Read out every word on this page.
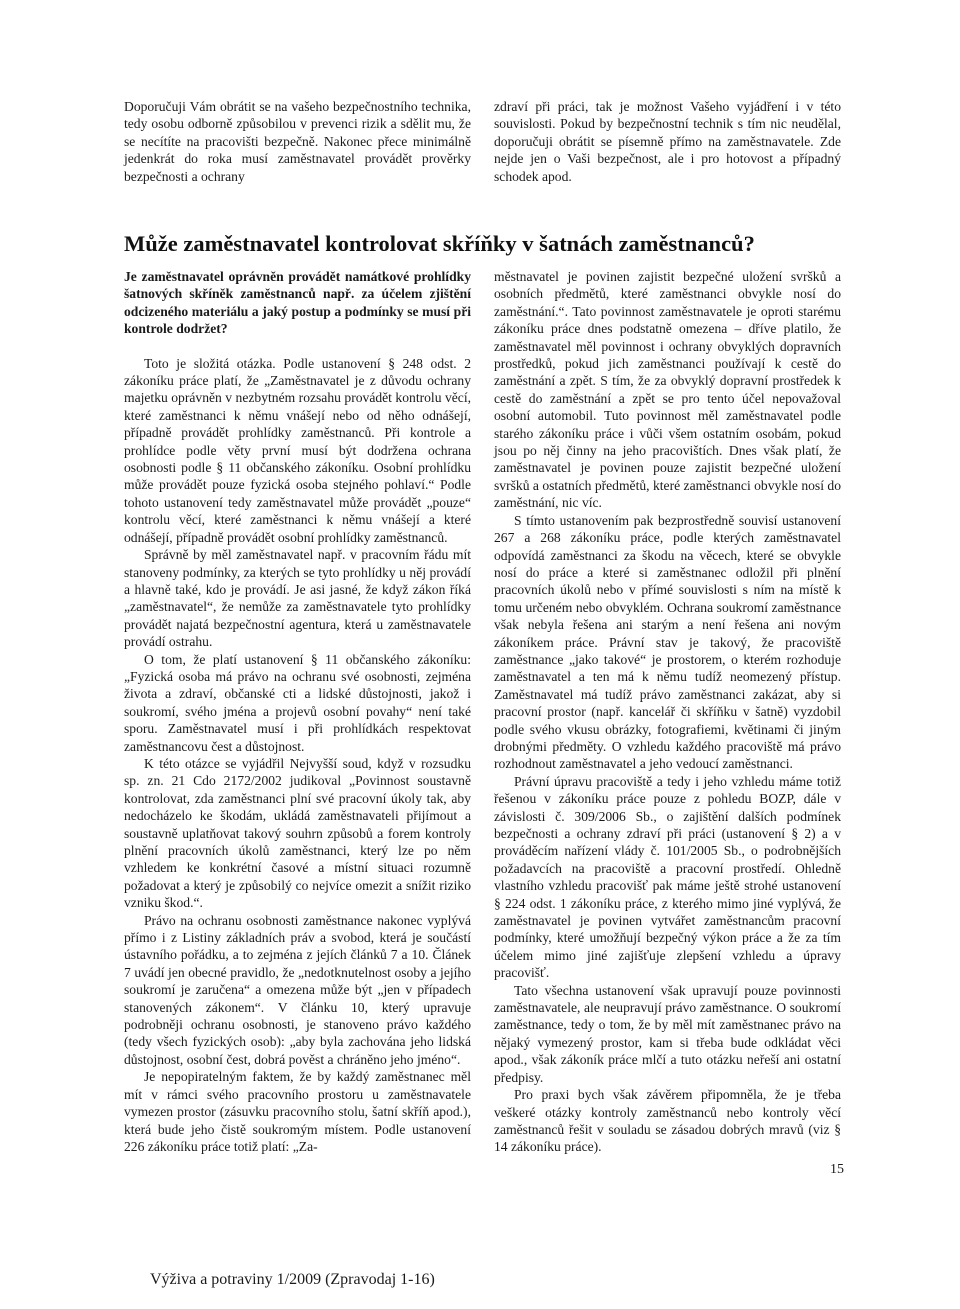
Doporučuji Vám obrátit se na vašeho bezpečnostního technika, tedy osobu odborně způsobilou v prevenci rizik a sdělit mu, že se necítíte na pracovišti bezpečně. Nakonec přece minimálně jedenkrát do roka musí zaměstnavatel provádět prověrky bezpečnosti a ochrany

zdraví při práci, tak je možnost Vašeho vyjádření i v této souvislosti. Pokud by bezpečnostní technik s tím nic neudělal, doporučuji obrátit se písemně přímo na zaměstnavatele. Zde nejde jen o Vaši bezpečnost, ale i pro hotovost a případný schodek apod.

Může zaměstnavatel kontrolovat skříňky v šatnách zaměstnanců?

Je zaměstnavatel oprávněn provádět namátkové prohlídky šatnových skříněk zaměstnanců např. za účelem zjištění odcizeného materiálu a jaký postup a podmínky se musí při kontrole dodržet?

Toto je složitá otázka. Podle ustanovení § 248 odst. 2 zákoníku práce platí, že „Zaměstnavatel je z důvodu ochrany majetku oprávněn v nezbytném rozsahu provádět kontrolu věcí, které zaměstnanci k němu vnášejí nebo od něho odnášejí, případně provádět prohlídky zaměstnanců. Při kontrole a prohlídce podle věty první musí být dodržena ochrana osobnosti podle § 11 občanského zákoníku. Osobní prohlídku může provádět pouze fyzická osoba stejného pohlaví.“ Podle tohoto ustanovení tedy zaměstnavatel může provádět „pouze“ kontrolu věcí, které zaměstnanci k němu vnášejí a které odnášejí, případně provádět osobní prohlídky zaměstnanců.

Správně by měl zaměstnavatel např. v pracovním řádu mít stanoveny podmínky, za kterých se tyto prohlídky u něj provádí a hlavně také, kdo je provádí. Je asi jasné, že když zákon říká „zaměstnavatel“, že nemůže za zaměstnavatele tyto prohlídky provádět najatá bezpečnostní agentura, která u zaměstnavatele provádí ostrahu.

O tom, že platí ustanovení § 11 občanského zákoníku: „Fyzická osoba má právo na ochranu své osobnosti, zejména života a zdraví, občanské cti a lidské důstojnosti, jakož i soukromí, svého jména a projevů osobní povahy“ není také sporu. Zaměstnavatel musí i při prohlídkách respektovat zaměstnancovu čest a důstojnost.

K této otázce se vyjádřil Nejvyšší soud, když v rozsudku sp. zn. 21 Cdo 2172/2002 judikoval „Povinnost soustavně kontrolovat, zda zaměstnanci plní své pracovní úkoly tak, aby nedocházelo ke škodám, ukládá zaměstnavateli přijímout a soustavně uplatňovat takový souhrn způsobů a forem kontroly plnění pracovních úkolů zaměstnanci, který lze po něm vzhledem ke konkrétní časové a místní situaci rozumně požadovat a který je způsobilý co nejvíce omezit a snížit riziko vzniku škod.“.

Právo na ochranu osobnosti zaměstnance nakonec vyplývá přímo i z Listiny základních práv a svobod, která je součástí ústavního pořádku, a to zejména z jejích článků 7 a 10. Článek 7 uvádí jen obecné pravidlo, že „nedotknutelnost osoby a jejího soukromí je zaručena“ a omezena může být „jen v případech stanovených zákonem“. V článku 10, který upravuje podrobněji ochranu osobnosti, je stanoveno právo každého (tedy všech fyzických osob): „aby byla zachována jeho lidská důstojnost, osobní čest, dobrá pověst a chráněno jeho jméno“.

Je nepopiratelným faktem, že by každý zaměstnanec měl mít v rámci svého pracovního prostoru u zaměstnavatele vymezen prostor (zásuvku pracovního stolu, šatní skříň apod.), která bude jeho čistě soukromým místem. Podle ustanovení 226 zákoníku práce totiž platí: „Za-

městnavatel je povinen zajistit bezpečné uložení svršků a osobních předmětů, které zaměstnanci obvykle nosí do zaměstnání.“. Tato povinnost zaměstnavatele je oproti starému zákoníku práce dnes podstatně omezena – dříve platilo, že zaměstnavatel měl povinnost i ochrany obvyklých dopravních prostředků, pokud jich zaměstnanci používají k cestě do zaměstnání a zpět. S tím, že za obvyklý dopravní prostředek k cestě do zaměstnání a zpět se pro tento účel nepovažoval osobní automobil. Tuto povinnost měl zaměstnavatel podle starého zákoníku práce i vůči všem ostatním osobám, pokud jsou po něj činny na jeho pracovištích. Dnes však platí, že zaměstnavatel je povinen pouze zajistit bezpečné uložení svršků a ostatních předmětů, které zaměstnanci obvykle nosí do zaměstnání, nic víc.

S tímto ustanovením pak bezprostředně souvisí ustanovení 267 a 268 zákoníku práce, podle kterých zaměstnavatel odpovídá zaměstnanci za škodu na věcech, které se obvykle nosí do práce a které si zaměstnanec odložil při plnění pracovních úkolů nebo v přímé souvislosti s ním na místě k tomu určeném nebo obvyklém. Ochrana soukromí zaměstnance však nebyla řešena ani starým a není řešena ani novým zákoníkem práce. Právní stav je takový, že pracoviště zaměstnance „jako takové“ je prostorem, o kterém rozhoduje zaměstnavatel a ten má k němu tudíž neomezený přístup. Zaměstnavatel má tudíž právo zaměstnanci zakázat, aby si pracovní prostor (např. kancelář či skříňku v šatně) vyzdobil podle svého vkusu obrázky, fotografiemi, květinami či jiným drobnými předměty. O vzhledu každého pracoviště má právo rozhodnout zaměstnavatel a jeho vedoucí zaměstnanci.

Právní úpravu pracoviště a tedy i jeho vzhledu máme totiž řešenou v zákoníku práce pouze z pohledu BOZP, dále v závislosti č. 309/2006 Sb., o zajištění dalších podmínek bezpečnosti a ochrany zdraví při práci (ustanovení § 2) a v prováděcím nařízení vlády č. 101/2005 Sb., o podrobnějších požadavcích na pracoviště a pracovní prostředí. Ohledně vlastního vzhledu pracovišť pak máme ještě strohé ustanovení § 224 odst. 1 zákoníku práce, z kterého mimo jiné vyplývá, že zaměstnavatel je povinen vytvářet zaměstnancům pracovní podmínky, které umožňují bezpečný výkon práce a že za tím účelem mimo jiné zajišťuje zlepšení vzhledu a úpravy pracovišť.

Tato všechna ustanovení však upravují pouze povinnosti zaměstnavatele, ale neupravují právo zaměstnance. O soukromí zaměstnance, tedy o tom, že by měl mít zaměstnanec právo na nějaký vymezený prostor, kam si třeba bude odkládat věci apod., však zákoník práce mlčí a tuto otázku neřeší ani ostatní předpisy.

Pro praxi bych však závěrem připomněla, že je třeba veškeré otázky kontroly zaměstnanců nebo kontroly věcí zaměstnanců řešit v souladu se zásadou dobrých mravů (viz § 14 zákoníku práce).

15
Výživa a potraviny 1/2009 (Zpravodaj 1-16)
